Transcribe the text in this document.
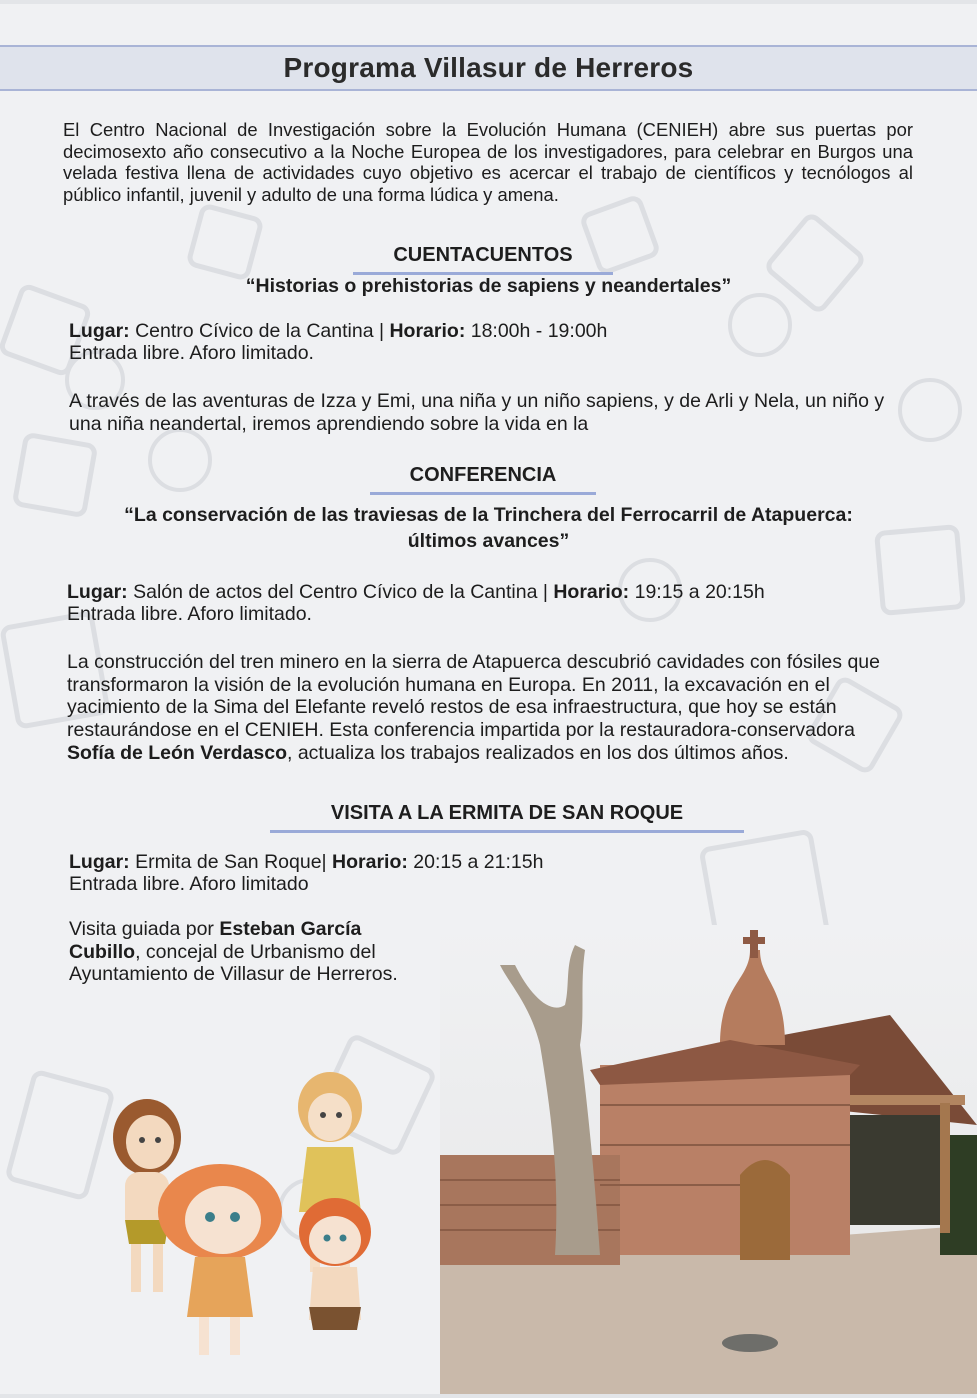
Programa Villasur de Herreros

El Centro Nacional de Investigación sobre la Evolución Humana (CENIEH) abre sus puertas por decimosexto año consecutivo a la Noche Europea de los investigadores, para celebrar en Burgos una velada festiva llena de actividades cuyo objetivo es acercar el trabajo de científicos y tecnólogos al público infantil, juvenil y adulto de una forma lúdica y amena.

CUENTACUENTOS

“Historias o prehistorias de sapiens y neandertales”

Lugar: Centro Cívico de la Cantina | Horario: 18:00h - 19:00h
Entrada libre. Aforo limitado.

A través de las aventuras de Izza y Emi, una niña y un niño sapiens, y de Arli y Nela, un niño y una niña neandertal, iremos aprendiendo sobre la vida en la

CONFERENCIA

“La conservación de las traviesas de la Trinchera del Ferrocarril de Atapuerca:
últimos avances”

Lugar: Salón de actos del Centro Cívico de la Cantina | Horario: 19:15 a 20:15h
Entrada libre. Aforo limitado.

La construcción del tren minero en la sierra de Atapuerca descubrió cavidades con fósiles que transformaron la visión de la evolución humana en Europa. En 2011, la excavación en el yacimiento de la Sima del Elefante reveló restos de esa infraestructura, que hoy se están restaurándose en el CENIEH. Esta conferencia impartida por la restauradora-conservadora Sofía de León Verdasco, actualiza los trabajos realizados en los dos últimos años.

VISITA A LA ERMITA DE SAN ROQUE

Lugar: Ermita de San Roque| Horario: 20:15 a 21:15h
Entrada libre. Aforo limitado

Visita guiada por Esteban García Cubillo, concejal de Urbanismo del Ayuntamiento de Villasur de Herreros.
